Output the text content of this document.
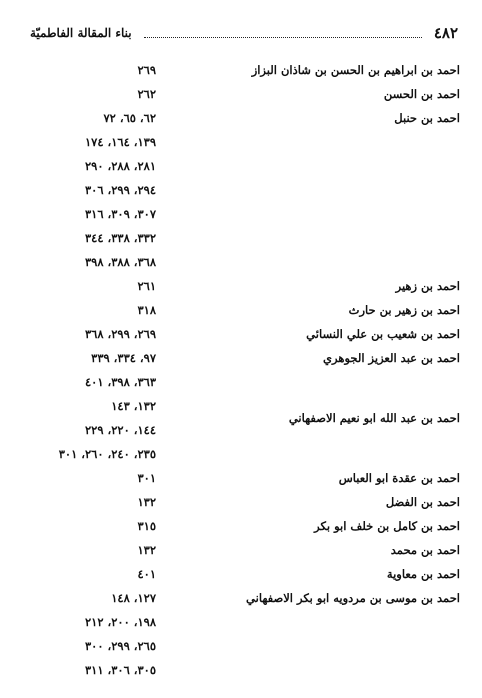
٤٨٢
بناء المقالة الفاطميّة
احمد بن ابراهيم بن الحسن بن شاذان البزاز
٢٦٩
احمد بن الحسن
٢٦٢
احمد بن حنبل
٦٢، ٦٥، ٧٢
١٣٩، ١٦٤، ١٧٤
٢٨١، ٢٨٨، ٢٩٠
٢٩٤، ٢٩٩، ٣٠٦
٣٠٧، ٣٠٩، ٣١٦
٣٣٢، ٣٣٨، ٣٤٤
٣٦٨، ٣٨٨، ٣٩٨
احمد بن زهير
٢٦١
احمد بن زهير بن حارث
٣١٨
احمد بن شعيب بن علي النسائي
٢٦٩، ٢٩٩، ٣٦٨
احمد بن عبد العزيز الجوهري
٩٧، ٣٣٤، ٣٣٩
٣٦٣، ٣٩٨، ٤٠١
احمد بن عبد الله ابو نعيم الاصفهاني
١٣٢، ١٤٣
١٤٤، ٢٢٠، ٢٢٩
٢٣٥، ٢٤٠، ٢٦٠، ٣٠١
احمد بن عقدة ابو العباس
٣٠١
احمد بن الفضل
١٣٢
احمد بن كامل بن خلف ابو بكر
٣١٥
احمد بن محمد
١٣٢
احمد بن معاوية
٤٠١
احمد بن موسى بن مردويه ابو بكر الاصفهاني
١٢٧، ١٤٨
١٩٨، ٢٠٠، ٢١٢
٢٦٥، ٢٩٩، ٣٠٠
٣٠٥، ٣٠٦، ٣١١
